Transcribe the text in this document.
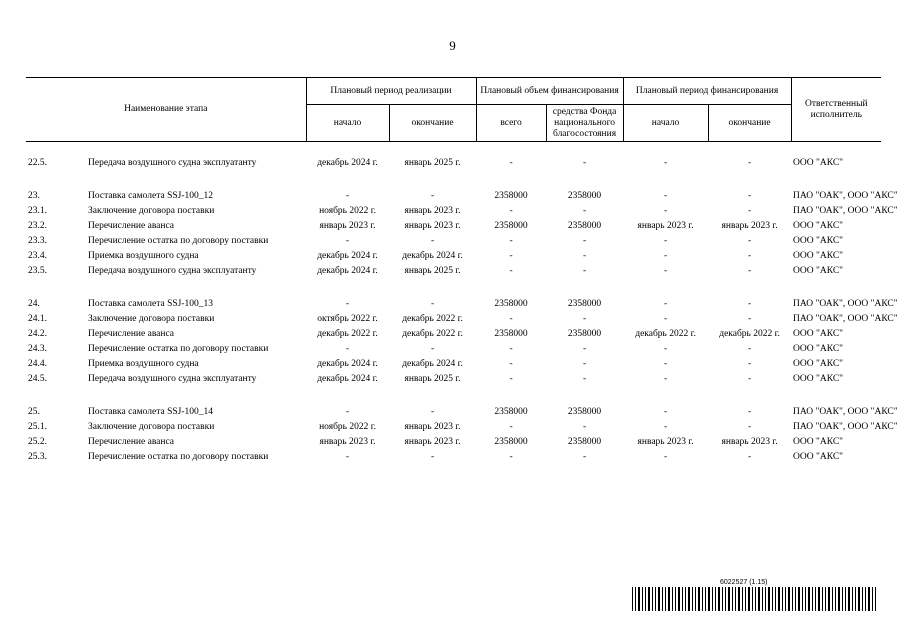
9
Наименование этапа		Плановый период реализации		Плановый объем финансирования		Плановый период финансирования		Ответственный исполнитель
		начало	окончание	всего	средства Фонда национального благосостояния	начало	окончание	

22.5.	Передача воздушного судна эксплуатанту	декабрь 2024 г.	январь 2025 г.	-	-	-	-	ООО "АКС"

23.	Поставка самолета SSJ-100_12	-	-	2358000	2358000	-	-	ПАО "ОАК", ООО "АКС"
23.1.	Заключение договора поставки	ноябрь 2022 г.	январь 2023 г.	-	-	-	-	ПАО "ОАК", ООО "АКС"
23.2.	Перечисление аванса	январь 2023 г.	январь 2023 г.	2358000	2358000	январь 2023 г.	январь 2023 г.	ООО "АКС"
23.3.	Перечисление остатка по договору поставки	-	-	-	-	-	-	ООО "АКС"
23.4.	Приемка воздушного судна	декабрь 2024 г.	декабрь 2024 г.	-	-	-	-	ООО "АКС"
23.5.	Передача воздушного судна эксплуатанту	декабрь 2024 г.	январь 2025 г.	-	-	-	-	ООО "АКС"

24.	Поставка самолета SSJ-100_13	-	-	2358000	2358000	-	-	ПАО "ОАК", ООО "АКС"
24.1.	Заключение договора поставки	октябрь 2022 г.	декабрь 2022 г.	-	-	-	-	ПАО "ОАК", ООО "АКС"
24.2.	Перечисление аванса	декабрь 2022 г.	декабрь 2022 г.	2358000	2358000	декабрь 2022 г.	декабрь 2022 г.	ООО "АКС"
24.3.	Перечисление остатка по договору поставки	-	-	-	-	-	-	ООО "АКС"
24.4.	Приемка воздушного судна	декабрь 2024 г.	декабрь 2024 г.	-	-	-	-	ООО "АКС"
24.5.	Передача воздушного судна эксплуатанту	декабрь 2024 г.	январь 2025 г.	-	-	-	-	ООО "АКС"

25.	Поставка самолета SSJ-100_14	-	-	2358000	2358000	-	-	ПАО "ОАК", ООО "АКС"
25.1.	Заключение договора поставки	ноябрь 2022 г.	январь 2023 г.	-	-	-	-	ПАО "ОАК", ООО "АКС"
25.2.	Перечисление аванса	январь 2023 г.	январь 2023 г.	2358000	2358000	январь 2023 г.	январь 2023 г.	ООО "АКС"
25.3.	Перечисление остатка по договору поставки	-	-	-	-	-	-	ООО "АКС"
6022527 (1.15)
